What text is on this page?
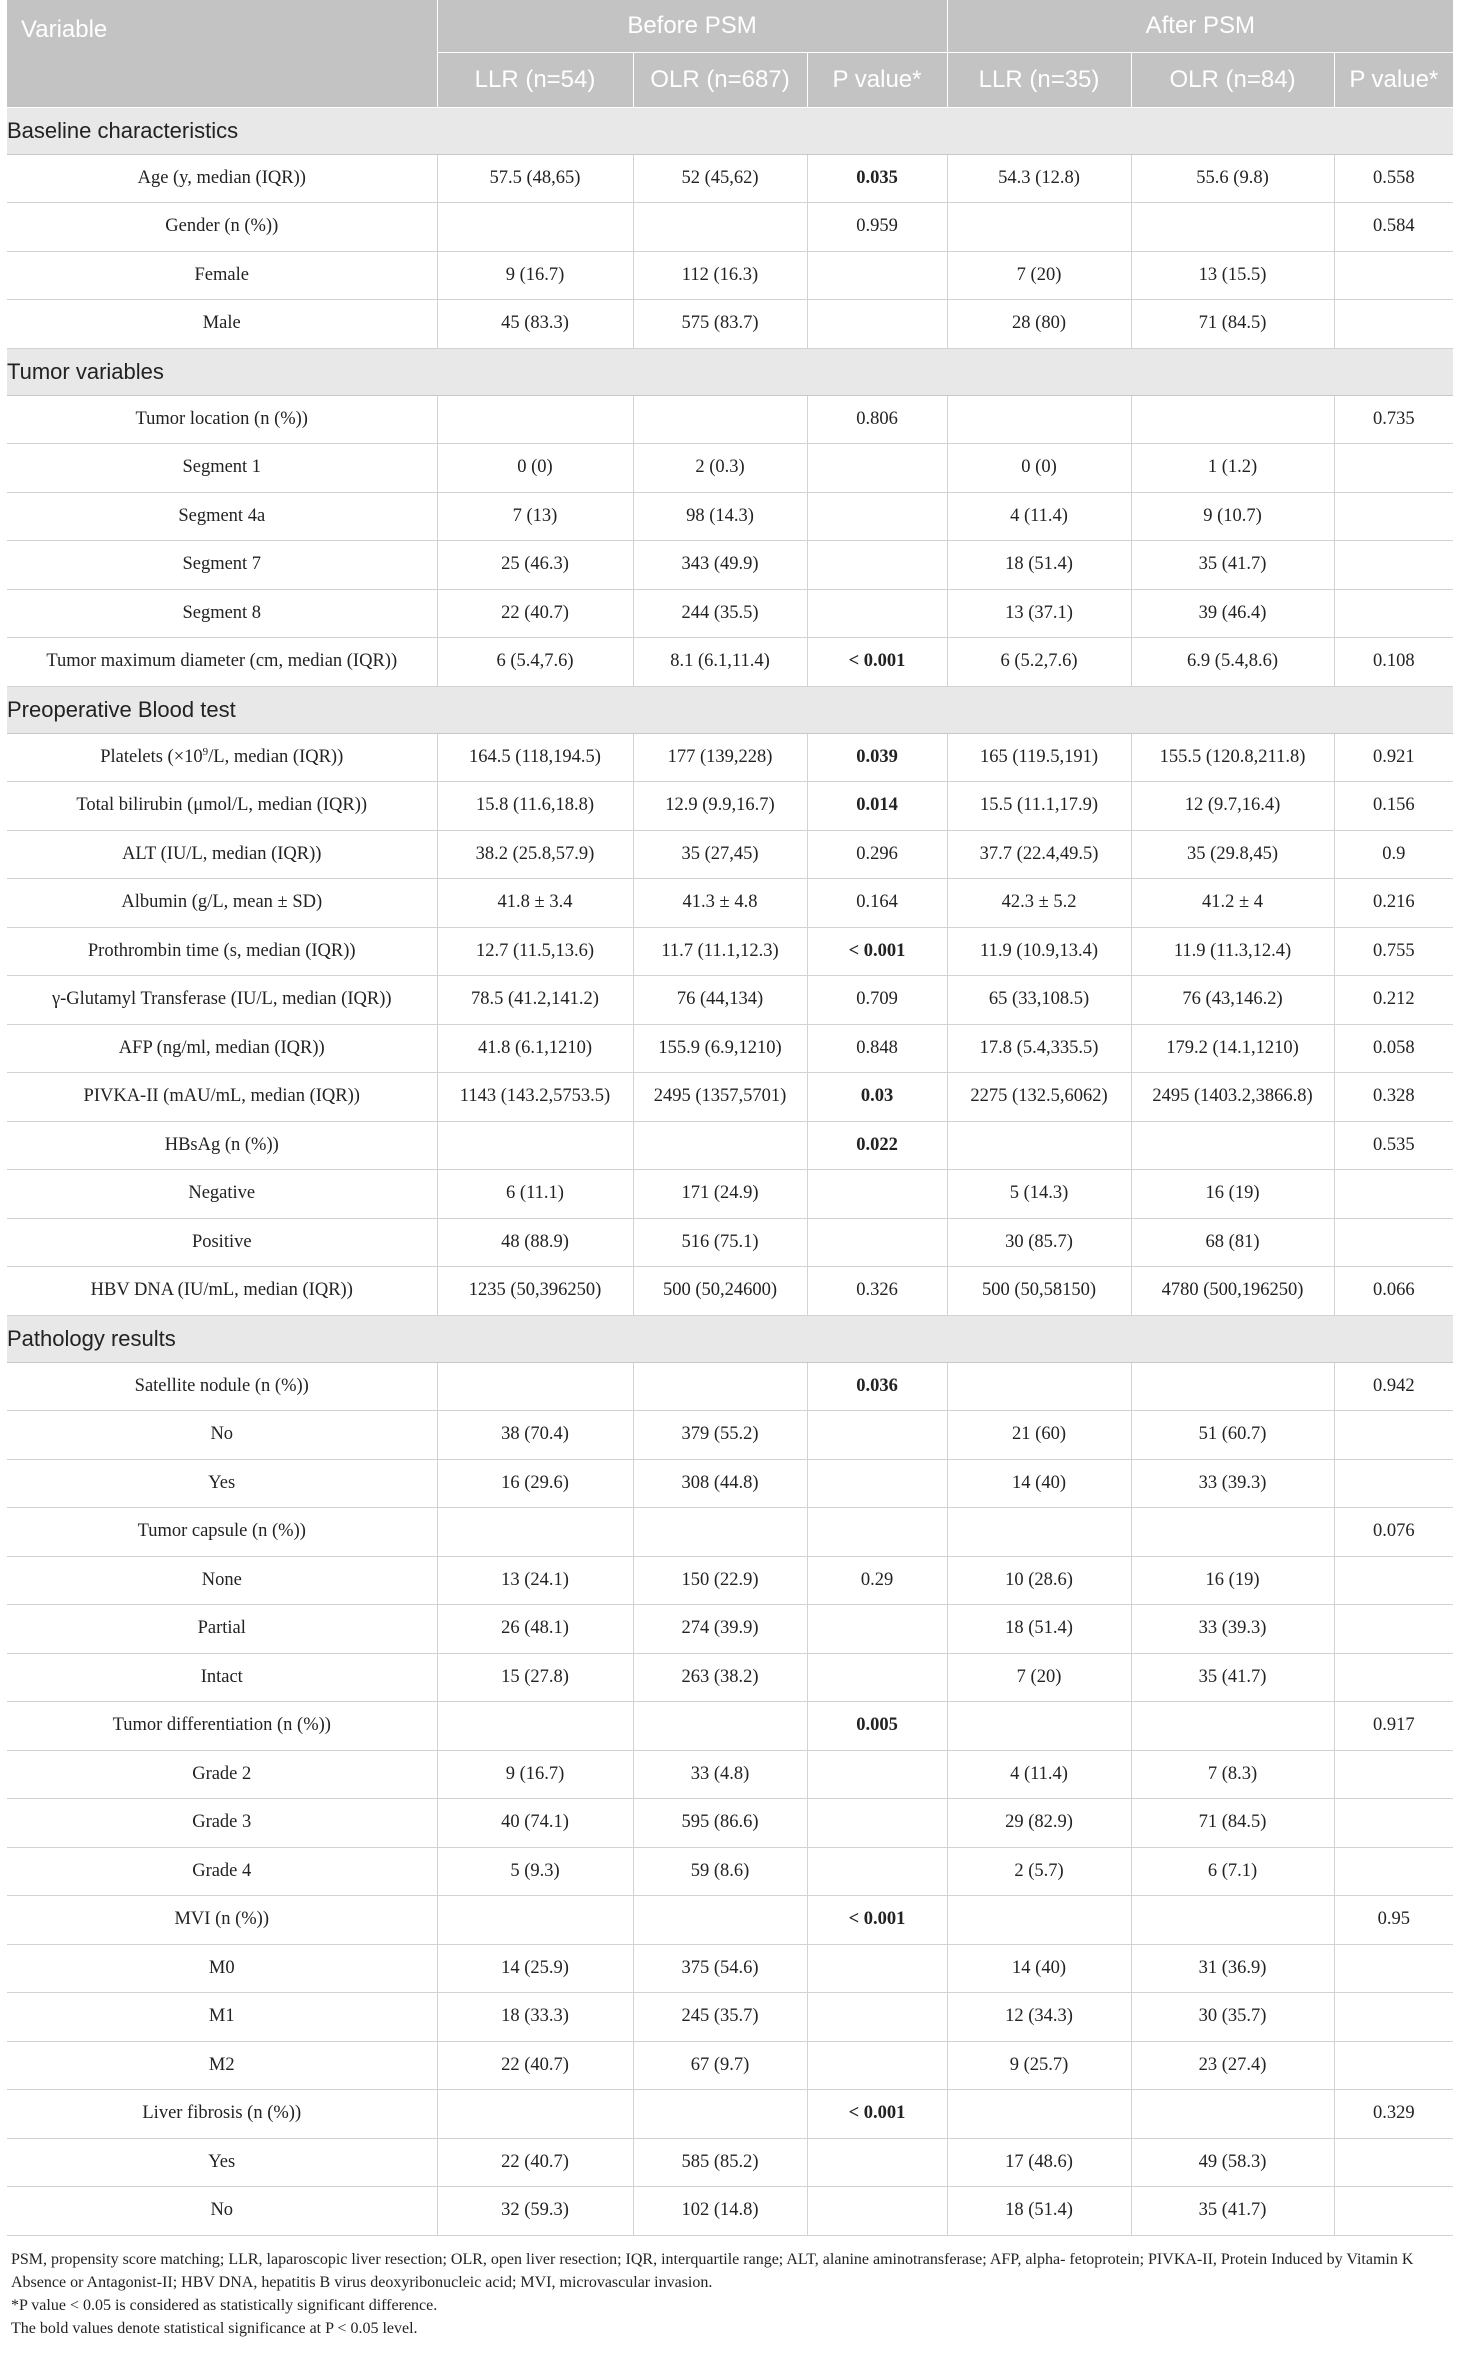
Variable	Before PSM			After PSM		
	LLR (n=54)	OLR (n=687)	P value*	LLR (n=35)	OLR (n=84)	P value*
Baseline characteristics						
Age (y, median (IQR))	57.5 (48,65)	52 (45,62)	0.035	54.3 (12.8)	55.6 (9.8)	0.558
Gender (n (%))			0.959			0.584
Female	9 (16.7)	112 (16.3)		7 (20)	13 (15.5)	
Male	45 (83.3)	575 (83.7)		28 (80)	71 (84.5)	
Tumor variables						
Tumor location (n (%))			0.806			0.735
Segment 1	0 (0)	2 (0.3)		0 (0)	1 (1.2)	
Segment 4a	7 (13)	98 (14.3)		4 (11.4)	9 (10.7)	
Segment 7	25 (46.3)	343 (49.9)		18 (51.4)	35 (41.7)	
Segment 8	22 (40.7)	244 (35.5)		13 (37.1)	39 (46.4)	
Tumor maximum diameter (cm, median (IQR))	6 (5.4,7.6)	8.1 (6.1,11.4)	< 0.001	6 (5.2,7.6)	6.9 (5.4,8.6)	0.108
Preoperative Blood test						
Platelets ($\times 10^9/L$, median (IQR))	164.5 (118,194.5)	177 (139,228)	0.039	165 (119.5,191)	155.5 (120.8,211.8)	0.921
Total bilirubin (μmol/L, median (IQR))	15.8 (11.6,18.8)	12.9 (9.9,16.7)	0.014	15.5 (11.1,17.9)	12 (9.7,16.4)	0.156
ALT (IU/L, median (IQR))	38.2 (25.8,57.9)	35 (27,45)	0.296	37.7 (22.4,49.5)	35 (29.8,45)	0.9
Albumin (g/L, mean ± SD)	41.8 ± 3.4	41.3 ± 4.8	0.164	42.3 ± 5.2	41.2 ± 4	0.216
Prothrombin time (s, median (IQR))	12.7 (11.5,13.6)	11.7 (11.1,12.3)	< 0.001	11.9 (10.9,13.4)	11.9 (11.3,12.4)	0.755
γ-Glutamyl Transferase (IU/L, median (IQR))	78.5 (41.2,141.2)	76 (44,134)	0.709	65 (33,108.5)	76 (43,146.2)	0.212
AFP (ng/ml, median (IQR))	41.8 (6.1,1210)	155.9 (6.9,1210)	0.848	17.8 (5.4,335.5)	179.2 (14.1,1210)	0.058
PIVKA-II (mAU/mL, median (IQR))	1143 (143.2,5753.5)	2495 (1357,5701)	0.03	2275 (132.5,6062)	2495 (1403.2,3866.8)	0.328
HBsAg (n (%))			0.022			0.535
Negative	6 (11.1)	171 (24.9)		5 (14.3)	16 (19)	
Positive	48 (88.9)	516 (75.1)		30 (85.7)	68 (81)	
HBV DNA (IU/mL, median (IQR))	1235 (50,396250)	500 (50,24600)	0.326	500 (50,58150)	4780 (500,196250)	0.066
Pathology results						
Satellite nodule (n (%))			0.036			0.942
No	38 (70.4)	379 (55.2)		21 (60)	51 (60.7)	
Yes	16 (29.6)	308 (44.8)		14 (40)	33 (39.3)	
Tumor capsule (n (%))						0.076
None	13 (24.1)	150 (22.9)	0.29	10 (28.6)	16 (19)	
Partial	26 (48.1)	274 (39.9)		18 (51.4)	33 (39.3)	
Intact	15 (27.8)	263 (38.2)		7 (20)	35 (41.7)	
Tumor differentiation (n (%))			0.005			0.917
Grade 2	9 (16.7)	33 (4.8)		4 (11.4)	7 (8.3)	
Grade 3	40 (74.1)	595 (86.6)		29 (82.9)	71 (84.5)	
Grade 4	5 (9.3)	59 (8.6)		2 (5.7)	6 (7.1)	
MVI (n (%))			< 0.001			0.95
M0	14 (25.9)	375 (54.6)		14 (40)	31 (36.9)	
M1	18 (33.3)	245 (35.7)		12 (34.3)	30 (35.7)	
M2	22 (40.7)	67 (9.7)		9 (25.7)	23 (27.4)	
Liver fibrosis (n (%))			< 0.001			0.329
Yes	22 (40.7)	585 (85.2)		17 (48.6)	49 (58.3)	
No	32 (59.3)	102 (14.8)		18 (51.4)	35 (41.7)	
PSM, propensity score matching; LLR, laparoscopic liver resection; OLR, open liver resection; IQR, interquartile range; ALT, alanine aminotransferase; AFP, alpha- fetoprotein; PIVKA-II, Protein Induced by Vitamin K Absence or Antagonist-II; HBV DNA, hepatitis B virus deoxyribonucleic acid; MVI, microvascular invasion.
*P value < 0.05 is considered as statistically significant difference.
The bold values denote statistical significance at P < 0.05 level.
